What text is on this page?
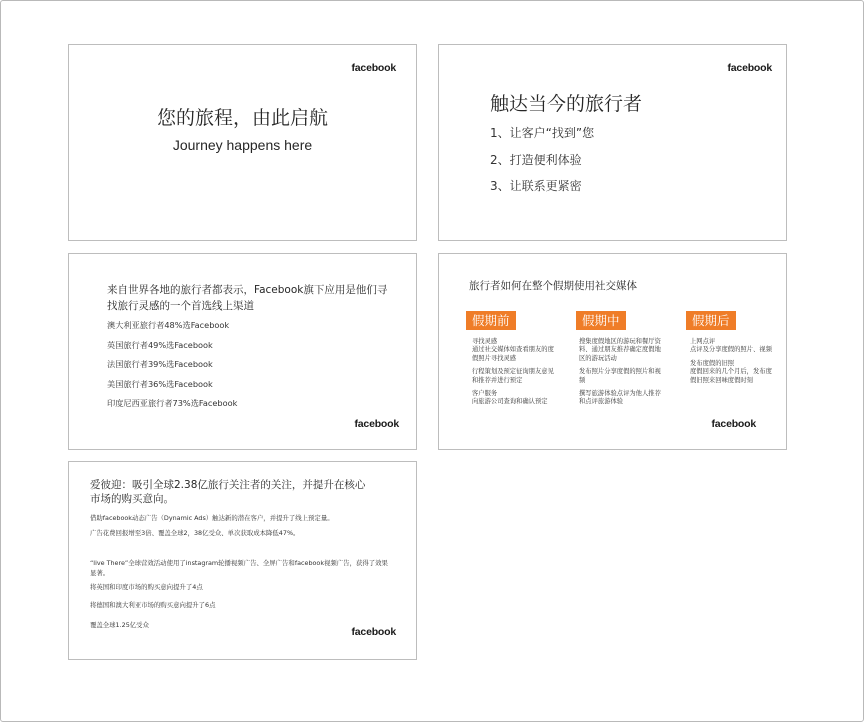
facebook
您的旅程，由此启航
Journey happens here
facebook
触达当今的旅行者
1、让客户“找到”您
2、打造便利体验
3、让联系更紧密
来自世界各地的旅行者都表示，Facebook旗下应用是他们寻找旅行灵感的一个首选线上渠道
澳大利亚旅行者48%选Facebook
英国旅行者49%选Facebook
法国旅行者39%选Facebook
美国旅行者36%选Facebook
印度尼西亚旅行者73%选Facebook
facebook
旅行者如何在整个假期使用社交媒体
假期前

寻找灵感
通过社交媒体如查看朋友的度假照片寻找灵感

行程策划及预定征询朋友意见和推荐并进行预定

客户服务
向旅游公司查询和确认预定

假期中

搜集度假地区的游玩和餐厅资料、通过朋友推荐确定度假地区的游玩活动

发布照片分享度假的照片和视频

撰写旅游体验点评为他人推荐和点评旅游体验

假期后

上网点评
点评及分享度假的照片、视频

发布度假的旧照
度假回来的几个月后，发布度假旧照来回味度假时刻

facebook
爱彼迎：吸引全球2.38亿旅行关注者的关注，并提升在核心市场的购买意向。
借助facebook动态广告（Dynamic Ads）触达新的潜在客户，并提升了线上预定量。
广告花费回报增至3倍、覆盖全球2，38亿受众、单次获取成本降低47%。
“live There”全球营效活动使用了instagram轮播视频广告、全屏广告和facebook视频广告，获得了效果显著。
将英国和印度市场的购买意向提升了4点
将德国和澳大利亚市场的购买意向提升了6点
覆盖全球1.25亿受众
facebook
